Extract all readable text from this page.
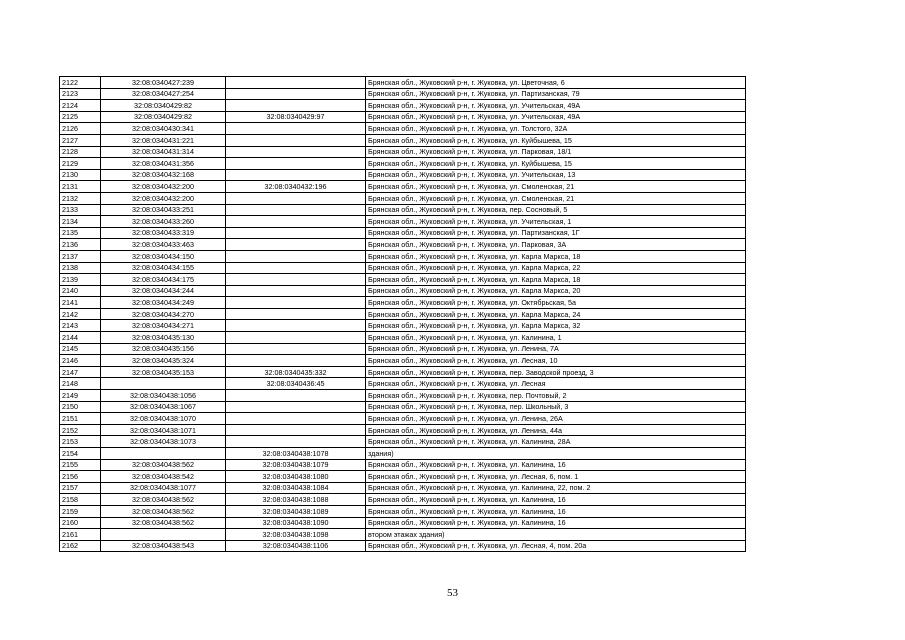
2122	32:08:0340427:239		Брянская обл., Жуковский р-н, г. Жуковка, ул. Цветочная, 6
2123	32:08:0340427:254		Брянская обл., Жуковский р-н, г. Жуковка, ул. Партизанская, 79
2124	32:08:0340429:82		Брянская обл., Жуковский р-н, г. Жуковка, ул. Учительская, 49А
2125	32:08:0340429:82	32:08:0340429:97	Брянская обл., Жуковский р-н, г. Жуковка, ул. Учительская, 49А
2126	32:08:0340430:341		Брянская обл., Жуковский р-н, г. Жуковка, ул. Толстого, 32А
2127	32:08:0340431:221		Брянская обл., Жуковский р-н, г. Жуковка, ул. Куйбышева, 15
2128	32:08:0340431:314		Брянская обл., Жуковский р-н, г. Жуковка, ул. Парковая, 18/1
2129	32:08:0340431:356		Брянская обл., Жуковский р-н, г. Жуковка, ул. Куйбышева, 15
2130	32:08:0340432:168		Брянская обл., Жуковский р-н, г. Жуковка, ул. Учительская, 13
2131	32:08:0340432:200	32:08:0340432:196	Брянская обл., Жуковский р-н, г. Жуковка, ул. Смоленская, 21
2132	32:08:0340432:200		Брянская обл., Жуковский р-н, г. Жуковка, ул. Смоленская, 21
2133	32:08:0340433:251		Брянская обл., Жуковский р-н, г. Жуковка, пер. Сосновый, 5
2134	32:08:0340433:260		Брянская обл., Жуковский р-н, г. Жуковка, ул. Учительская, 1
2135	32:08:0340433:319		Брянская обл., Жуковский р-н, г. Жуковка, ул. Партизанская, 1Г
2136	32:08:0340433:463		Брянская обл., Жуковский р-н, г. Жуковка, ул. Парковая, 3А
2137	32:08:0340434:150		Брянская обл., Жуковский р-н, г. Жуковка, ул. Карла Маркса, 18
2138	32:08:0340434:155		Брянская обл., Жуковский р-н, г. Жуковка, ул. Карла Маркса, 22
2139	32:08:0340434:175		Брянская обл., Жуковский р-н, г. Жуковка, ул. Карла Маркса, 18
2140	32:08:0340434:244		Брянская обл., Жуковский р-н, г. Жуковка, ул. Карла Маркса, 20
2141	32:08:0340434:249		Брянская обл., Жуковский р-н, г. Жуковка, ул. Октябрьская, 5а
2142	32:08:0340434:270		Брянская обл., Жуковский р-н, г. Жуковка, ул. Карла Маркса, 24
2143	32:08:0340434:271		Брянская обл., Жуковский р-н, г. Жуковка, ул. Карла Маркса, 32
2144	32:08:0340435:130		Брянская обл., Жуковский р-н, г. Жуковка, ул. Калинина, 1
2145	32:08:0340435:156		Брянская обл., Жуковский р-н, г. Жуковка, ул. Ленина, 7А
2146	32:08:0340435:324		Брянская обл., Жуковский р-н, г. Жуковка, ул. Лесная, 10
2147	32:08:0340435:153	32:08:0340435:332	Брянская обл., Жуковский р-н, г. Жуковка, пер. Заводской проезд, 3
2148		32:08:0340436:45	Брянская обл., Жуковский р-н, г. Жуковка, ул. Лесная
2149	32:08:0340438:1056		Брянская обл., Жуковский р-н, г. Жуковка, пер. Почтовый, 2
2150	32:08:0340438:1067		Брянская обл., Жуковский р-н, г. Жуковка, пер. Школьный, 3
2151	32:08:0340438:1070		Брянская обл., Жуковский р-н, г. Жуковка, ул. Ленина, 26А
2152	32:08:0340438:1071		Брянская обл., Жуковский р-н, г. Жуковка, ул. Ленина, 44а
2153	32:08:0340438:1073		Брянская обл., Жуковский р-н, г. Жуковка, ул. Калинина, 28А
2154		32:08:0340438:1078	здания)
2155	32:08:0340438:562	32:08:0340438:1079	Брянская обл., Жуковский р-н, г. Жуковка, ул. Калинина, 16
2156	32:08:0340438:542	32:08:0340438:1080	Брянская обл., Жуковский р-н, г. Жуковка, ул. Лесная, 6, пом. 1
2157	32:08:0340438:1077	32:08:0340438:1084	Брянская обл., Жуковский р-н, г. Жуковка, ул. Калинина, 22, пом. 2
2158	32:08:0340438:562	32:08:0340438:1088	Брянская обл., Жуковский р-н, г. Жуковка, ул. Калинина, 16
2159	32:08:0340438:562	32:08:0340438:1089	Брянская обл., Жуковский р-н, г. Жуковка, ул. Калинина, 16
2160	32:08:0340438:562	32:08:0340438:1090	Брянская обл., Жуковский р-н, г. Жуковка, ул. Калинина, 16
2161		32:08:0340438:1098	втором этажах здания)
2162	32:08:0340438:543	32:08:0340438:1106	Брянская обл., Жуковский р-н, г. Жуковка, ул. Лесная, 4, пом. 20а
53
